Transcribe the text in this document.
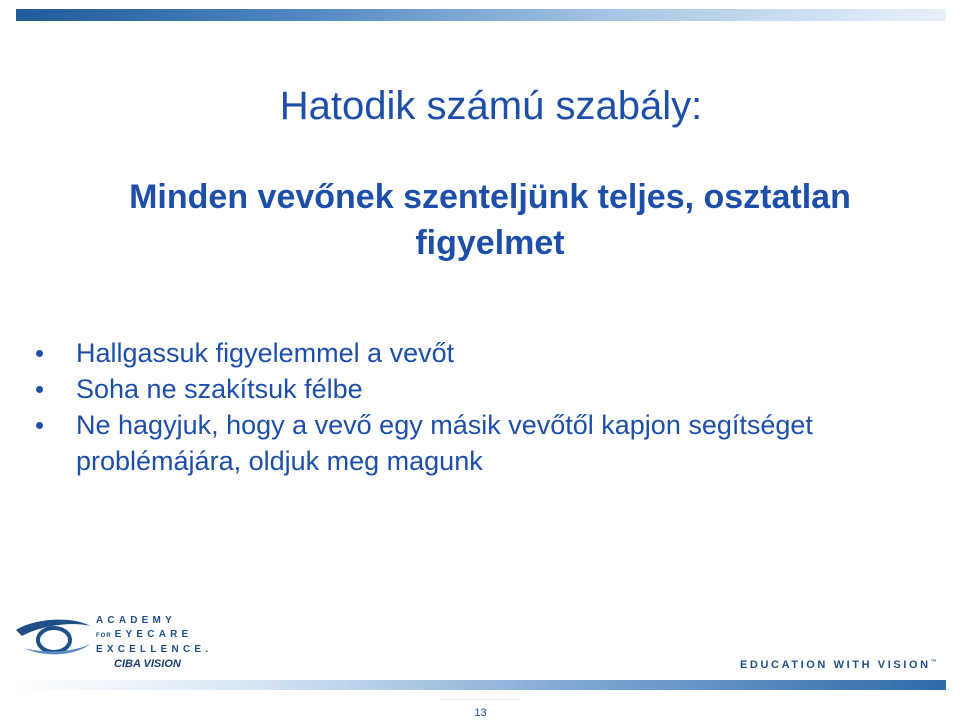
Hatodik számú szabály:
Minden vevőnek szenteljünk teljes, osztatlan figyelmet
Hallgassuk figyelemmel a vevőt
Soha ne szakítsuk félbe
Ne hagyjuk, hogy a vevő egy másik vevőtől kapjon segítséget problémájára, oldjuk meg magunk
ACADEMY
FOR EYECARE
EXCELLENCE.
CIBA VISION	EDUCATION WITH VISION™
13
